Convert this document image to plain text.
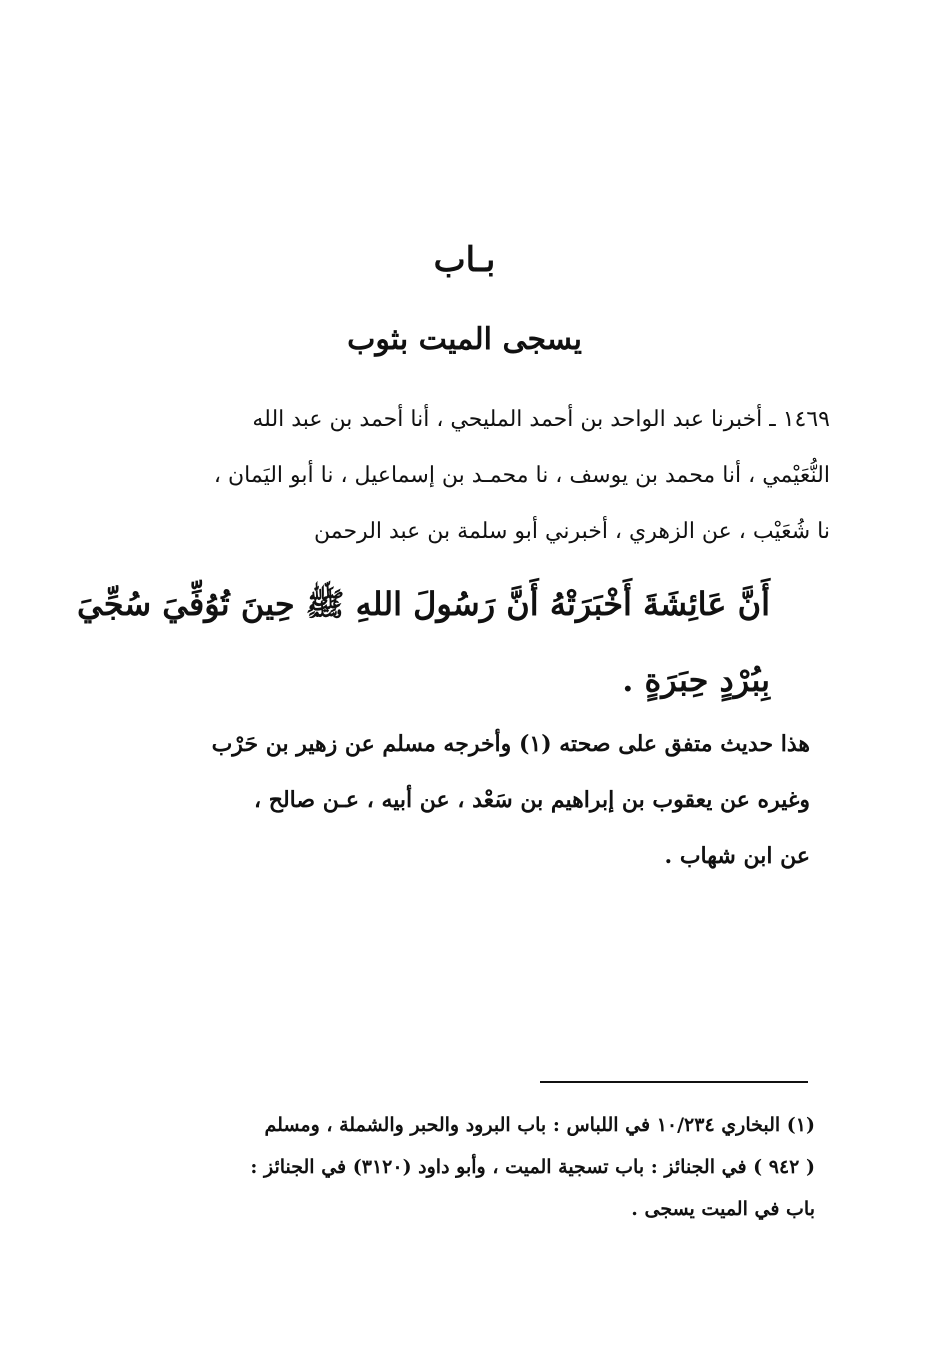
بـاب
يسجى الميت بثوب
١٤٦٩ ـ أخبرنا عبد الواحد بن أحمد المليحي ، أنا أحمد بن عبد الله
النُّعَيْمي ، أنا محمد بن يوسف ، نا محمـد بن إسماعيل ، نا أبو اليَمان ،
نا شُعَيْب ، عن الزهري ، أخبرني أبو سلمة بن عبد الرحمن
أَنَّ عَائِشَةَ أَخْبَرَتْهُ أَنَّ رَسُولَ اللهِ ﷺ حِينَ تُوُفِّيَ سُجِّيَ
بِبُرْدٍ حِبَرَةٍ .
هذا حديث متفق على صحته (١) وأخرجه مسلم عن زهير بن حَرْب
وغيره عن يعقوب بن إبراهيم بن سَعْد ، عن أبيه ، عـن صالح ،
عن ابن شهاب .
(١) البخاري ١٠/٢٣٤ في اللباس : باب البرود والحبر والشملة ، ومسلم
( ٩٤٢ ) في الجنائز : باب تسجية الميت ، وأبو داود (٣١٢٠) في الجنائز :
باب في الميت يسجى .
